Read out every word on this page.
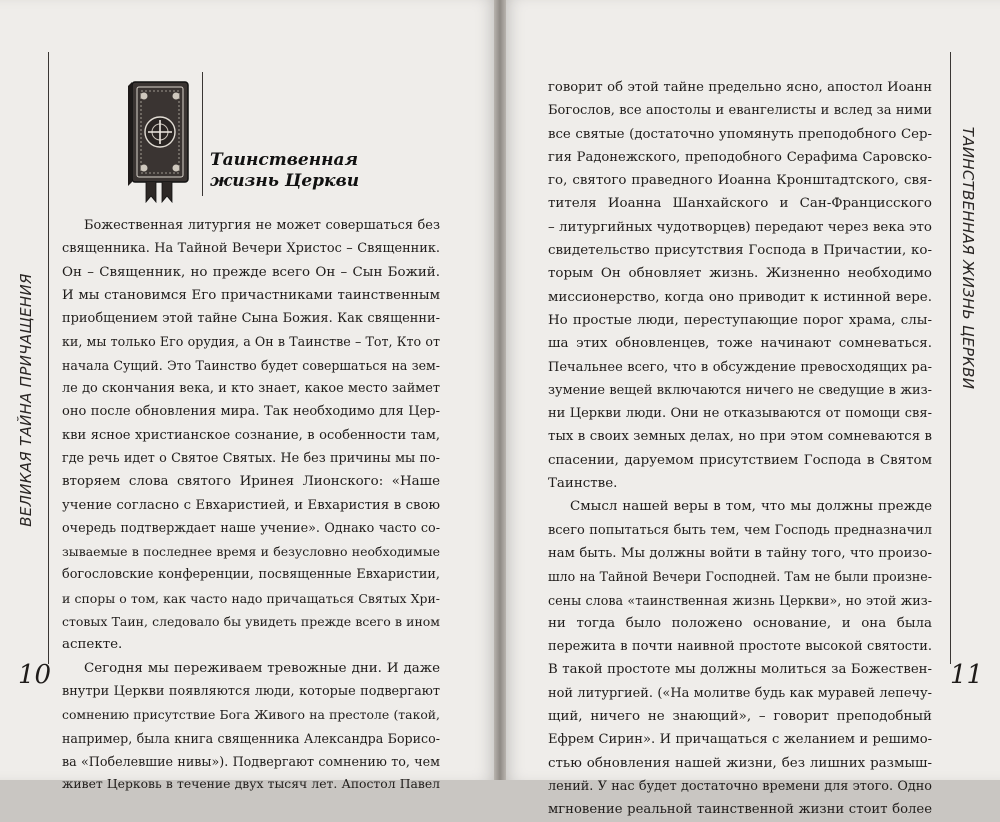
ВЕЛИКАЯ ТАЙНА ПРИЧАЩЕНИЯ
10
Таинственная
жизнь Церкви
Божественная литургия не может совершаться без
священника. На Тайной Вечери Христос – Священник.
Он – Священник, но прежде всего Он – Сын Божий.
И мы становимся Его причастниками таинственным
приобщением этой тайне Сына Божия. Как священни-
ки, мы только Его орудия, а Он в Таинстве – Тот, Кто от
начала Сущий. Это Таинство будет совершаться на зем-
ле до скончания века, и кто знает, какое место займет
оно после обновления мира. Так необходимо для Цер-
кви ясное христианское сознание, в особенности там,
где речь идет о Святое Святых. Не без причины мы по-
вторяем слова святого Иринея Лионского: «Наше
учение согласно с Евхаристией, и Евхаристия в свою
очередь подтверждает наше учение». Однако часто со-
зываемые в последнее время и безусловно необходимые
богословские конференции, посвященные Евхаристии,
и споры о том, как часто надо причащаться Святых Хри-
стовых Таин, следовало бы увидеть прежде всего в ином
аспекте.
Сегодня мы переживаем тревожные дни. И даже
внутри Церкви появляются люди, которые подвергают
сомнению присутствие Бога Живого на престоле (такой,
например, была книга священника Александра Борисо-
ва «Побелевшие нивы»). Подвергают сомнению то, чем
живет Церковь в течение двух тысяч лет. Апостол Павел
ТАИНСТВЕННАЯ ЖИЗНЬ ЦЕРКВИ
11
говорит об этой тайне предельно ясно, апостол Иоанн
Богослов, все апостолы и евангелисты и вслед за ними
все святые (достаточно упомянуть преподобного Сер-
гия Радонежского, преподобного Серафима Саровско-
го, святого праведного Иоанна Кронштадтского, свя-
тителя Иоанна Шанхайского и Сан-Францисского
– литургийных чудотворцев) передают через века это
свидетельство присутствия Господа в Причастии, ко-
торым Он обновляет жизнь. Жизненно необходимо
миссионерство, когда оно приводит к истинной вере.
Но простые люди, переступающие порог храма, слы-
ша этих обновленцев, тоже начинают сомневаться.
Печальнее всего, что в обсуждение превосходящих ра-
зумение вещей включаются ничего не сведущие в жиз-
ни Церкви люди. Они не отказываются от помощи свя-
тых в своих земных делах, но при этом сомневаются в
спасении, даруемом присутствием Господа в Святом
Таинстве.
Смысл нашей веры в том, что мы должны прежде
всего попытаться быть тем, чем Господь предназначил
нам быть. Мы должны войти в тайну того, что произо-
шло на Тайной Вечери Господней. Там не были произне-
сены слова «таинственная жизнь Церкви», но этой жиз-
ни тогда было положено основание, и она была
пережита в почти наивной простоте высокой святости.
В такой простоте мы должны молиться за Божествен-
ной литургией. («На молитве будь как муравей лепечу-
щий, ничего не знающий», – говорит преподобный
Ефрем Сирин». И причащаться с желанием и решимо-
стью обновления нашей жизни, без лишних размыш-
лений. У нас будет достаточно времени для этого. Одно
мгновение реальной таинственной жизни стоит более
